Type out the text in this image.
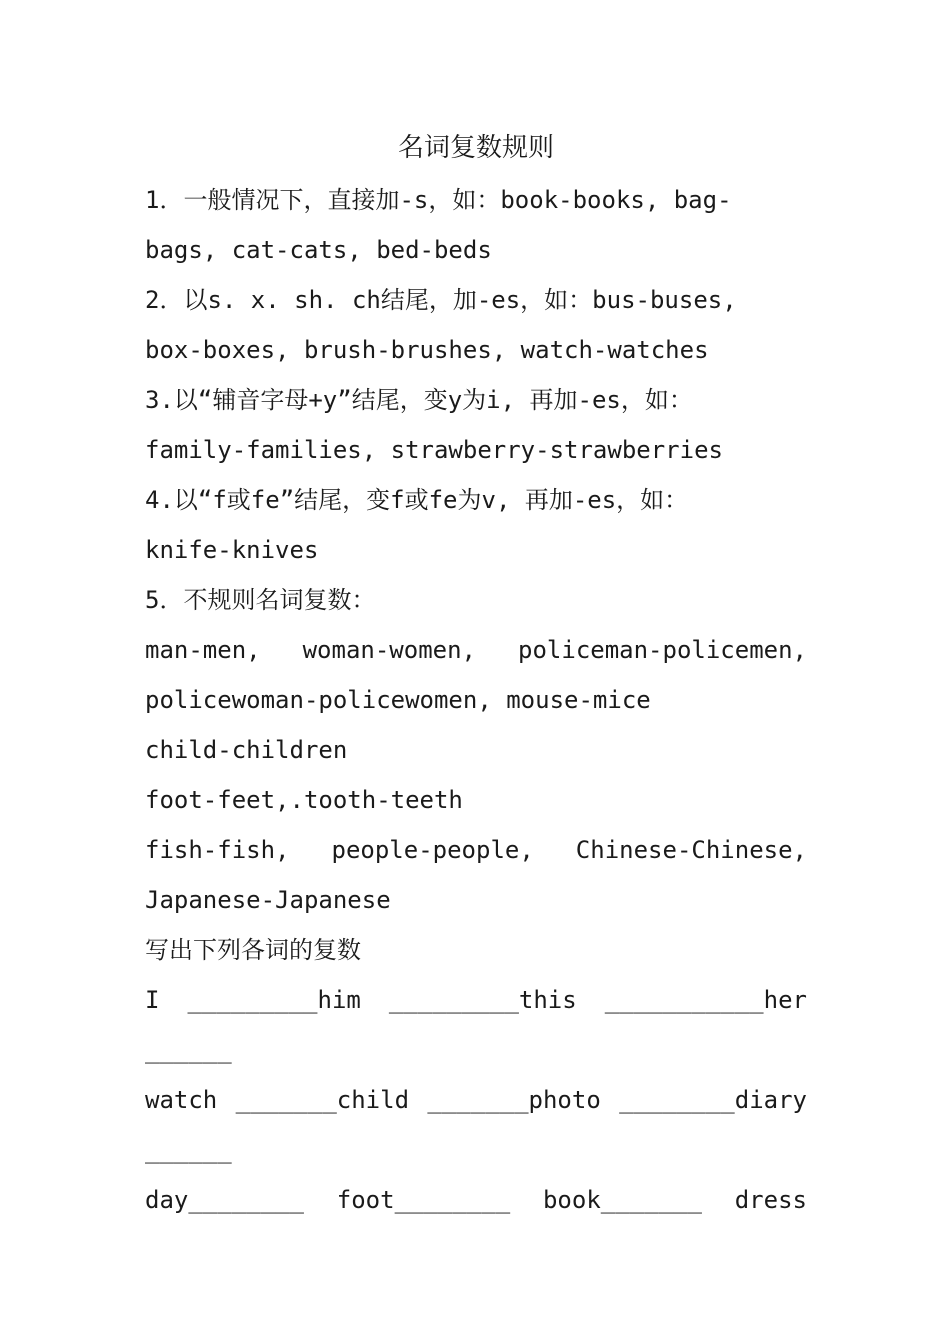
名词复数规则
1．一般情况下，直接加-s，如：book-books, bag-
bags, cat-cats, bed-beds
2．以s. x. sh. ch结尾，加-es，如：bus-buses,
box-boxes, brush-brushes, watch-watches
3.以“辅音字母+y”结尾，变y为i, 再加-es，如：
family-families, strawberry-strawberries
4.以“f或fe”结尾，变f或fe为v, 再加-es，如：
knife-knives
5．不规则名词复数：
man-men, woman-women, policeman-policemen,
policewoman-policewomen, mouse-mice
child-children
foot-feet,.tooth-teeth
fish-fish, people-people, Chinese-Chinese,
Japanese-Japanese
写出下列各词的复数
I _________him _________this ___________her
______
watch _______child _______photo ________diary
______
day________ foot________ book_______ dress
